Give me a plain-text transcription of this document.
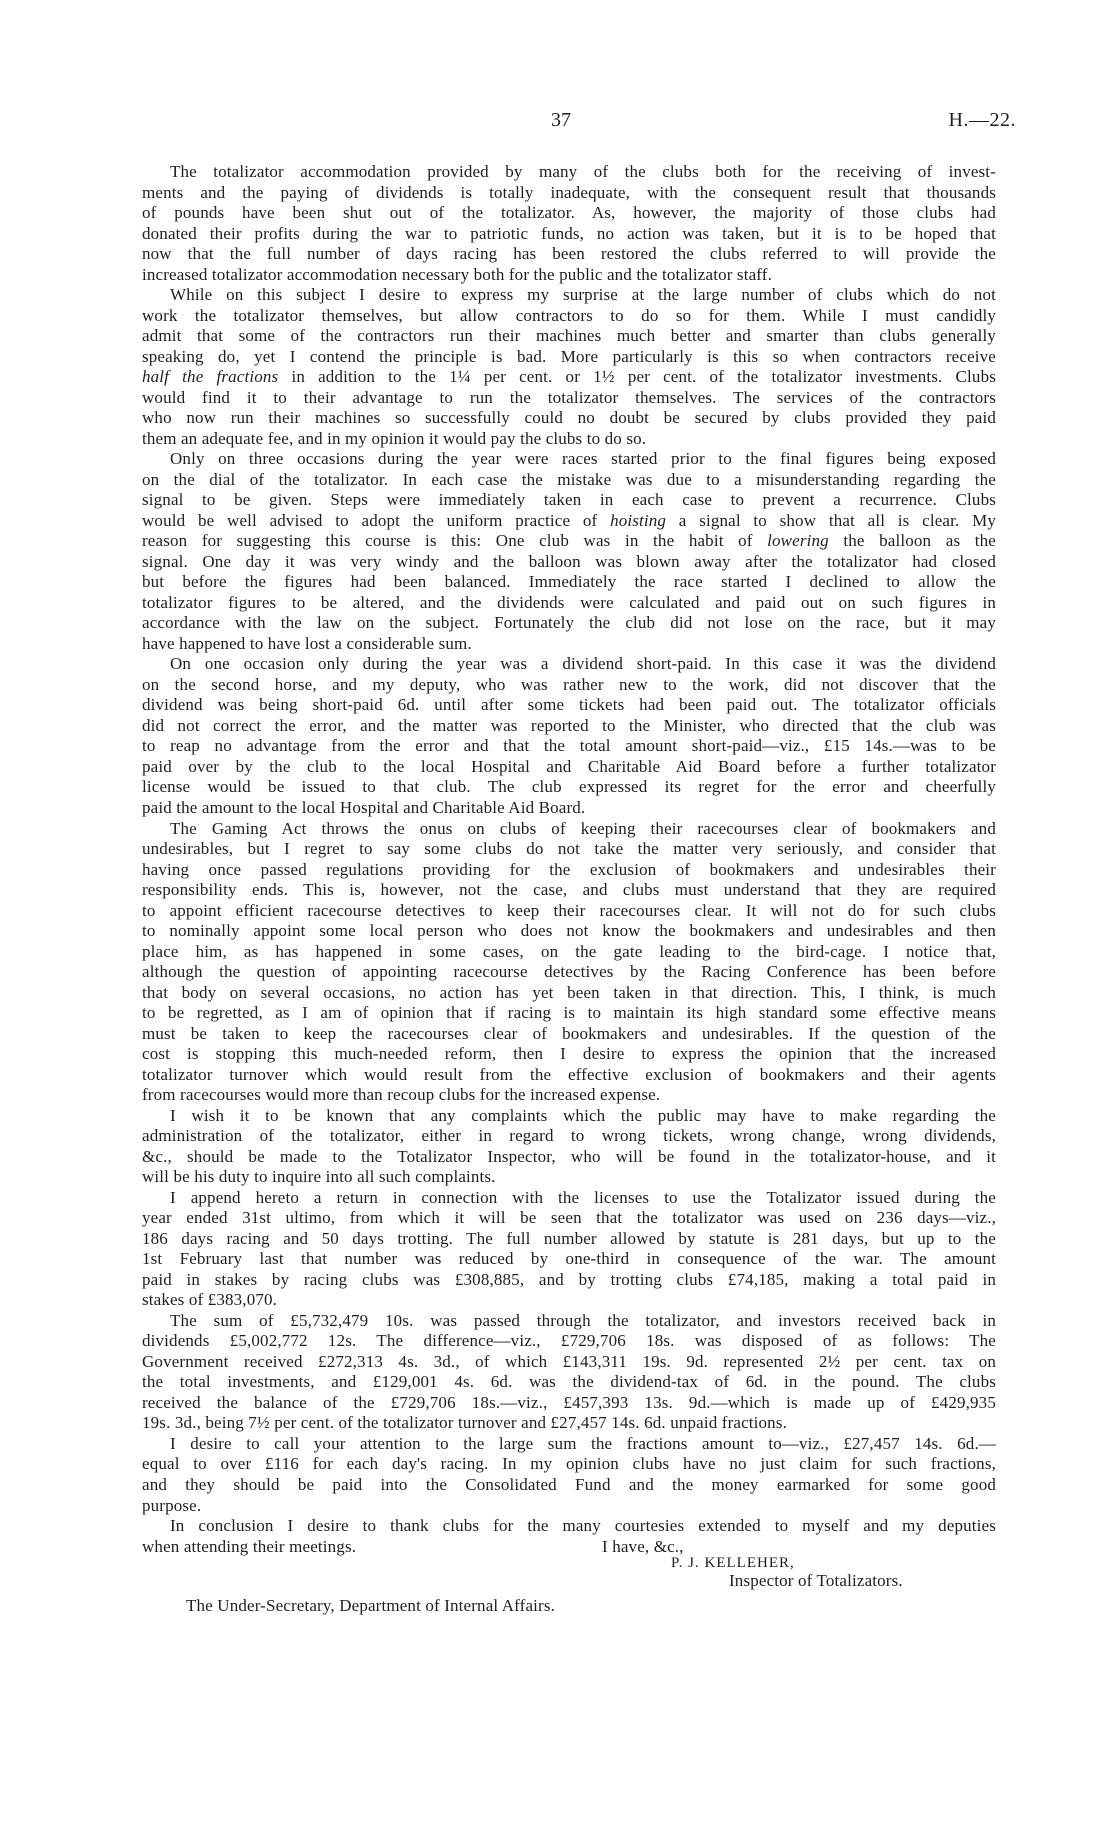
37	H.—22.
The totalizator accommodation provided by many of the clubs both for the receiving of invest-
ments and the paying of dividends is totally inadequate, with the consequent result that thousands
of pounds have been shut out of the totalizator. As, however, the majority of those clubs had
donated their profits during the war to patriotic funds, no action was taken, but it is to be hoped that
now that the full number of days racing has been restored the clubs referred to will provide the
increased totalizator accommodation necessary both for the public and the totalizator staff.
While on this subject I desire to express my surprise at the large number of clubs which do not
work the totalizator themselves, but allow contractors to do so for them. While I must candidly
admit that some of the contractors run their machines much better and smarter than clubs generally
speaking do, yet I contend the principle is bad. More particularly is this so when contractors receive
half the fractions in addition to the 1¼ per cent. or 1½ per cent. of the totalizator investments. Clubs
would find it to their advantage to run the totalizator themselves. The services of the contractors
who now run their machines so successfully could no doubt be secured by clubs provided they paid
them an adequate fee, and in my opinion it would pay the clubs to do so.
Only on three occasions during the year were races started prior to the final figures being exposed
on the dial of the totalizator. In each case the mistake was due to a misunderstanding regarding the
signal to be given. Steps were immediately taken in each case to prevent a recurrence. Clubs
would be well advised to adopt the uniform practice of hoisting a signal to show that all is clear. My
reason for suggesting this course is this: One club was in the habit of lowering the balloon as the
signal. One day it was very windy and the balloon was blown away after the totalizator had closed
but before the figures had been balanced. Immediately the race started I declined to allow the
totalizator figures to be altered, and the dividends were calculated and paid out on such figures in
accordance with the law on the subject. Fortunately the club did not lose on the race, but it may
have happened to have lost a considerable sum.
On one occasion only during the year was a dividend short-paid. In this case it was the dividend
on the second horse, and my deputy, who was rather new to the work, did not discover that the
dividend was being short-paid 6d. until after some tickets had been paid out. The totalizator officials
did not correct the error, and the matter was reported to the Minister, who directed that the club was
to reap no advantage from the error and that the total amount short-paid—viz., £15 14s.—was to be
paid over by the club to the local Hospital and Charitable Aid Board before a further totalizator
license would be issued to that club. The club expressed its regret for the error and cheerfully
paid the amount to the local Hospital and Charitable Aid Board.
The Gaming Act throws the onus on clubs of keeping their racecourses clear of bookmakers and
undesirables, but I regret to say some clubs do not take the matter very seriously, and consider that
having once passed regulations providing for the exclusion of bookmakers and undesirables their
responsibility ends. This is, however, not the case, and clubs must understand that they are required
to appoint efficient racecourse detectives to keep their racecourses clear. It will not do for such clubs
to nominally appoint some local person who does not know the bookmakers and undesirables and then
place him, as has happened in some cases, on the gate leading to the bird-cage. I notice that,
although the question of appointing racecourse detectives by the Racing Conference has been before
that body on several occasions, no action has yet been taken in that direction. This, I think, is much
to be regretted, as I am of opinion that if racing is to maintain its high standard some effective means
must be taken to keep the racecourses clear of bookmakers and undesirables. If the question of the
cost is stopping this much-needed reform, then I desire to express the opinion that the increased
totalizator turnover which would result from the effective exclusion of bookmakers and their agents
from racecourses would more than recoup clubs for the increased expense.
I wish it to be known that any complaints which the public may have to make regarding the
administration of the totalizator, either in regard to wrong tickets, wrong change, wrong dividends,
&c., should be made to the Totalizator Inspector, who will be found in the totalizator-house, and it
will be his duty to inquire into all such complaints.
I append hereto a return in connection with the licenses to use the Totalizator issued during the
year ended 31st ultimo, from which it will be seen that the totalizator was used on 236 days—viz.,
186 days racing and 50 days trotting. The full number allowed by statute is 281 days, but up to the
1st February last that number was reduced by one-third in consequence of the war. The amount
paid in stakes by racing clubs was £308,885, and by trotting clubs £74,185, making a total paid in
stakes of £383,070.
The sum of £5,732,479 10s. was passed through the totalizator, and investors received back in
dividends £5,002,772 12s. The difference—viz., £729,706 18s. was disposed of as follows: The
Government received £272,313 4s. 3d., of which £143,311 19s. 9d. represented 2½ per cent. tax on
the total investments, and £129,001 4s. 6d. was the dividend-tax of 6d. in the pound. The clubs
received the balance of the £729,706 18s.—viz., £457,393 13s. 9d.—which is made up of £429,935
19s. 3d., being 7½ per cent. of the totalizator turnover and £27,457 14s. 6d. unpaid fractions.
I desire to call your attention to the large sum the fractions amount to—viz., £27,457 14s. 6d.—
equal to over £116 for each day's racing. In my opinion clubs have no just claim for such fractions,
and they should be paid into the Consolidated Fund and the money earmarked for some good
purpose.
In conclusion I desire to thank clubs for the many courtesies extended to myself and my deputies
when attending their meetings.	I have, &c.,
P. J. KELLEHER,
Inspector of Totalizators.
The Under-Secretary, Department of Internal Affairs.
